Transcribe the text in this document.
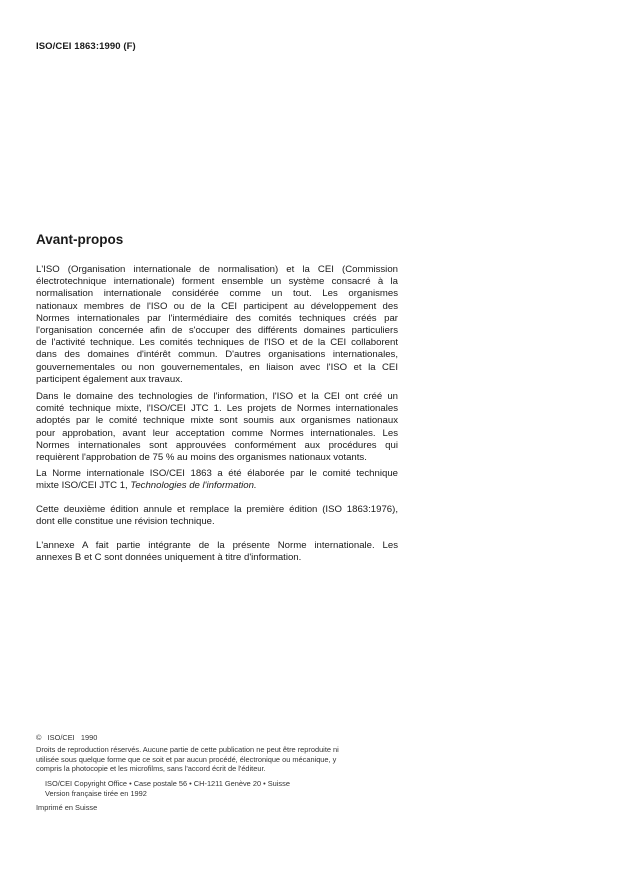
ISO/CEI 1863:1990 (F)
Avant-propos
L'ISO (Organisation internationale de normalisation) et la CEI (Commission
électrotechnique internationale) forment ensemble un système consacré à la
normalisation internationale considérée comme un tout. Les organismes
nationaux membres de l'ISO ou de la CEI participent au développement des
Normes internationales par l'intermédiaire des comités techniques créés par
l'organisation concernée afin de s'occuper des différents domaines particuliers
de l'activité technique. Les comités techniques de l'ISO et de la CEI collaborent
dans des domaines d'intérêt commun. D'autres organisations internationales,
gouvernementales ou non gouvernementales, en liaison avec l'ISO et la CEI
participent également aux travaux.
Dans le domaine des technologies de l'information, l'ISO et la CEI ont créé un
comité technique mixte, l'ISO/CEI JTC 1. Les projets de Normes internationales
adoptés par le comité technique mixte sont soumis aux organismes nationaux
pour approbation, avant leur acceptation comme Normes internationales. Les
Normes internationales sont approuvées conformément aux procédures qui
requièrent l'approbation de 75 % au moins des organismes nationaux votants.
La Norme internationale ISO/CEI 1863 a été élaborée par le comité technique
mixte ISO/CEI JTC 1, Technologies de l'information.
Cette deuxième édition annule et remplace la première édition (ISO 1863:1976),
dont elle constitue une révision technique.
L'annexe A fait partie intégrante de la présente Norme internationale. Les
annexes B et C sont données uniquement à titre d'information.
© ISO/CEI   1990
Droits de reproduction réservés. Aucune partie de cette publication ne peut être reproduite ni
utilisée sous quelque forme que ce soit et par aucun procédé, électronique ou mécanique, y
compris la photocopie et les microfilms, sans l'accord écrit de l'éditeur.
ISO/CEI Copyright Office • Case postale 56 • CH-1211 Genève 20 • Suisse
Version française tirée en 1992
Imprimé en Suisse
